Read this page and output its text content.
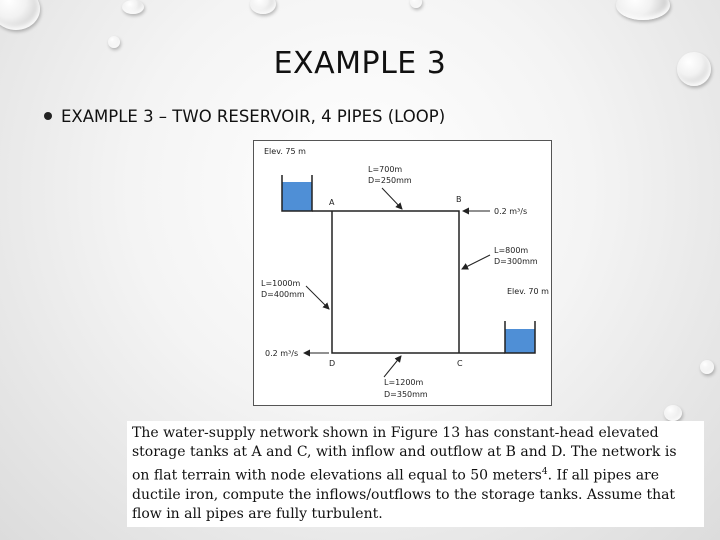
EXAMPLE 3
EXAMPLE 3 – TWO RESERVOIR, 4 PIPES (LOOP)
Elev. 75 m
Elev. 70 m
A	B
C
D
L=700m
D=250mm
0.2 m³/s
L=800m
D=300mm
L=1000m
D=400mm
0.2 m³/s
L=1200m
D=350mm
The water-supply network shown in Figure 13 has constant-head elevated storage tanks at A and C, with inflow and outflow at B and D. The network is on flat terrain with node elevations all equal to 50 meters$^4$. If all pipes are ductile iron, compute the inflows/outflows to the storage tanks. Assume that flow in all pipes are fully turbulent.
